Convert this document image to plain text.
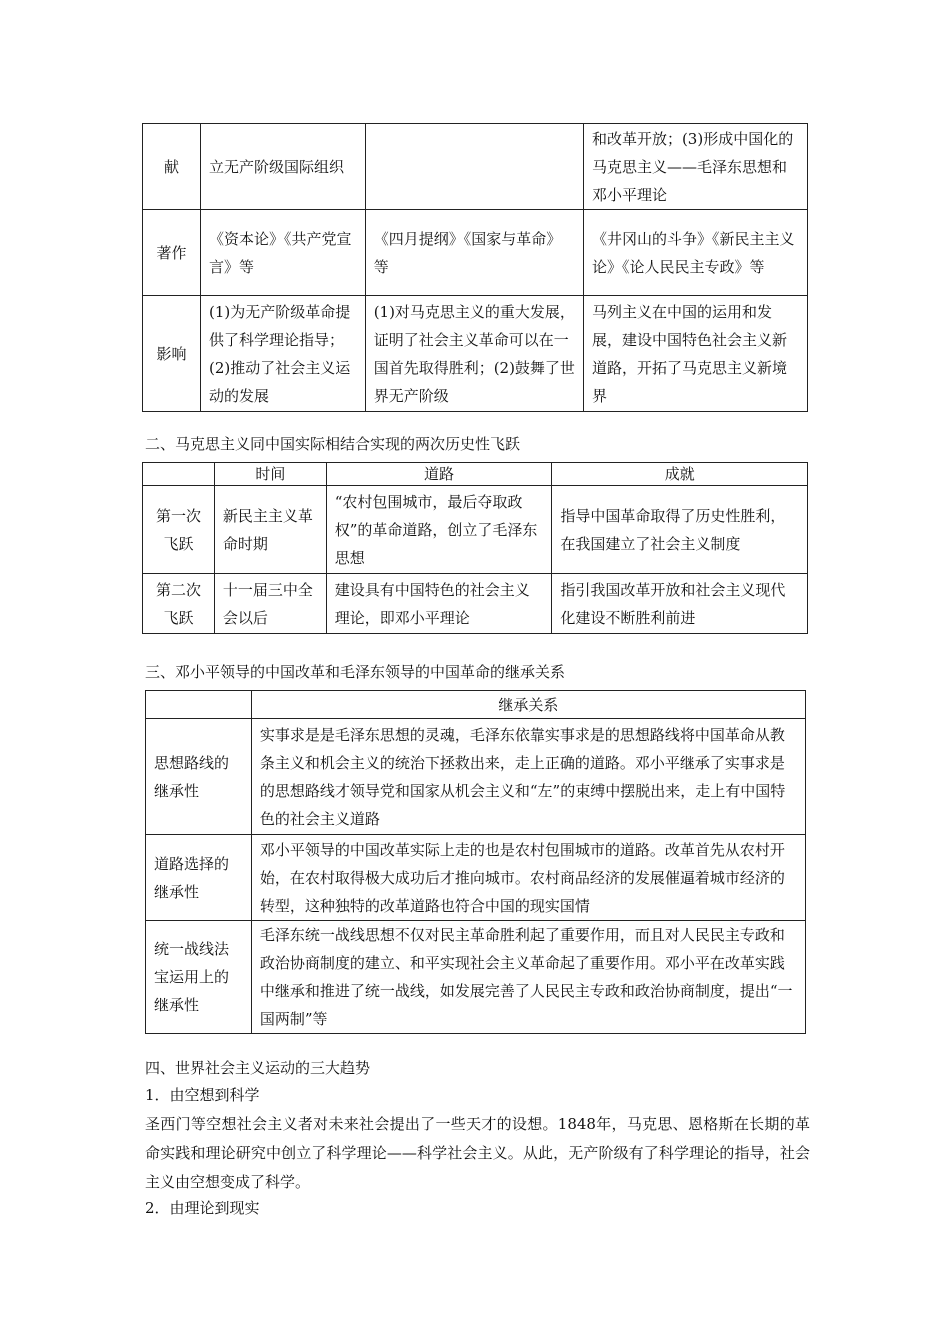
献	立无产阶级国际组织		和改革开放；(3)形成中国化的马克思主义——毛泽东思想和邓小平理论
著作	《资本论》《共产党宣言》等	《四月提纲》《国家与革命》等	《井冈山的斗争》《新民主主义论》《论人民民主专政》等
影响	(1)为无产阶级革命提供了科学理论指导；(2)推动了社会主义运动的发展	(1)对马克思主义的重大发展，证明了社会主义革命可以在一国首先取得胜利；(2)鼓舞了世界无产阶级	马列主义在中国的运用和发展，建设中国特色社会主义新道路，开拓了马克思主义新境界
二、马克思主义同中国实际相结合实现的两次历史性飞跃
	时间	道路	成就
第一次飞跃	新民主主义革命时期	“农村包围城市，最后夺取政权”的革命道路，创立了毛泽东思想	指导中国革命取得了历史性胜利，在我国建立了社会主义制度
第二次飞跃	十一届三中全会以后	建设具有中国特色的社会主义理论，即邓小平理论	指引我国改革开放和社会主义现代化建设不断胜利前进
三、邓小平领导的中国改革和毛泽东领导的中国革命的继承关系
	继承关系
思想路线的继承性	实事求是是毛泽东思想的灵魂，毛泽东依靠实事求是的思想路线将中国革命从教条主义和机会主义的统治下拯救出来，走上正确的道路。邓小平继承了实事求是的思想路线才领导党和国家从机会主义和“左”的束缚中摆脱出来，走上有中国特色的社会主义道路
道路选择的继承性	邓小平领导的中国改革实际上走的也是农村包围城市的道路。改革首先从农村开始，在农村取得极大成功后才推向城市。农村商品经济的发展催逼着城市经济的转型，这种独特的改革道路也符合中国的现实国情
统一战线法宝运用上的继承性	毛泽东统一战线思想不仅对民主革命胜利起了重要作用，而且对人民民主专政和政治协商制度的建立、和平实现社会主义革命起了重要作用。邓小平在改革实践中继承和推进了统一战线，如发展完善了人民民主专政和政治协商制度，提出“一国两制”等
四、世界社会主义运动的三大趋势
1．由空想到科学
圣西门等空想社会主义者对未来社会提出了一些天才的设想。1848年，马克思、恩格斯在长期的革命实践和理论研究中创立了科学理论——科学社会主义。从此，无产阶级有了科学理论的指导，社会主义由空想变成了科学。
2．由理论到现实
